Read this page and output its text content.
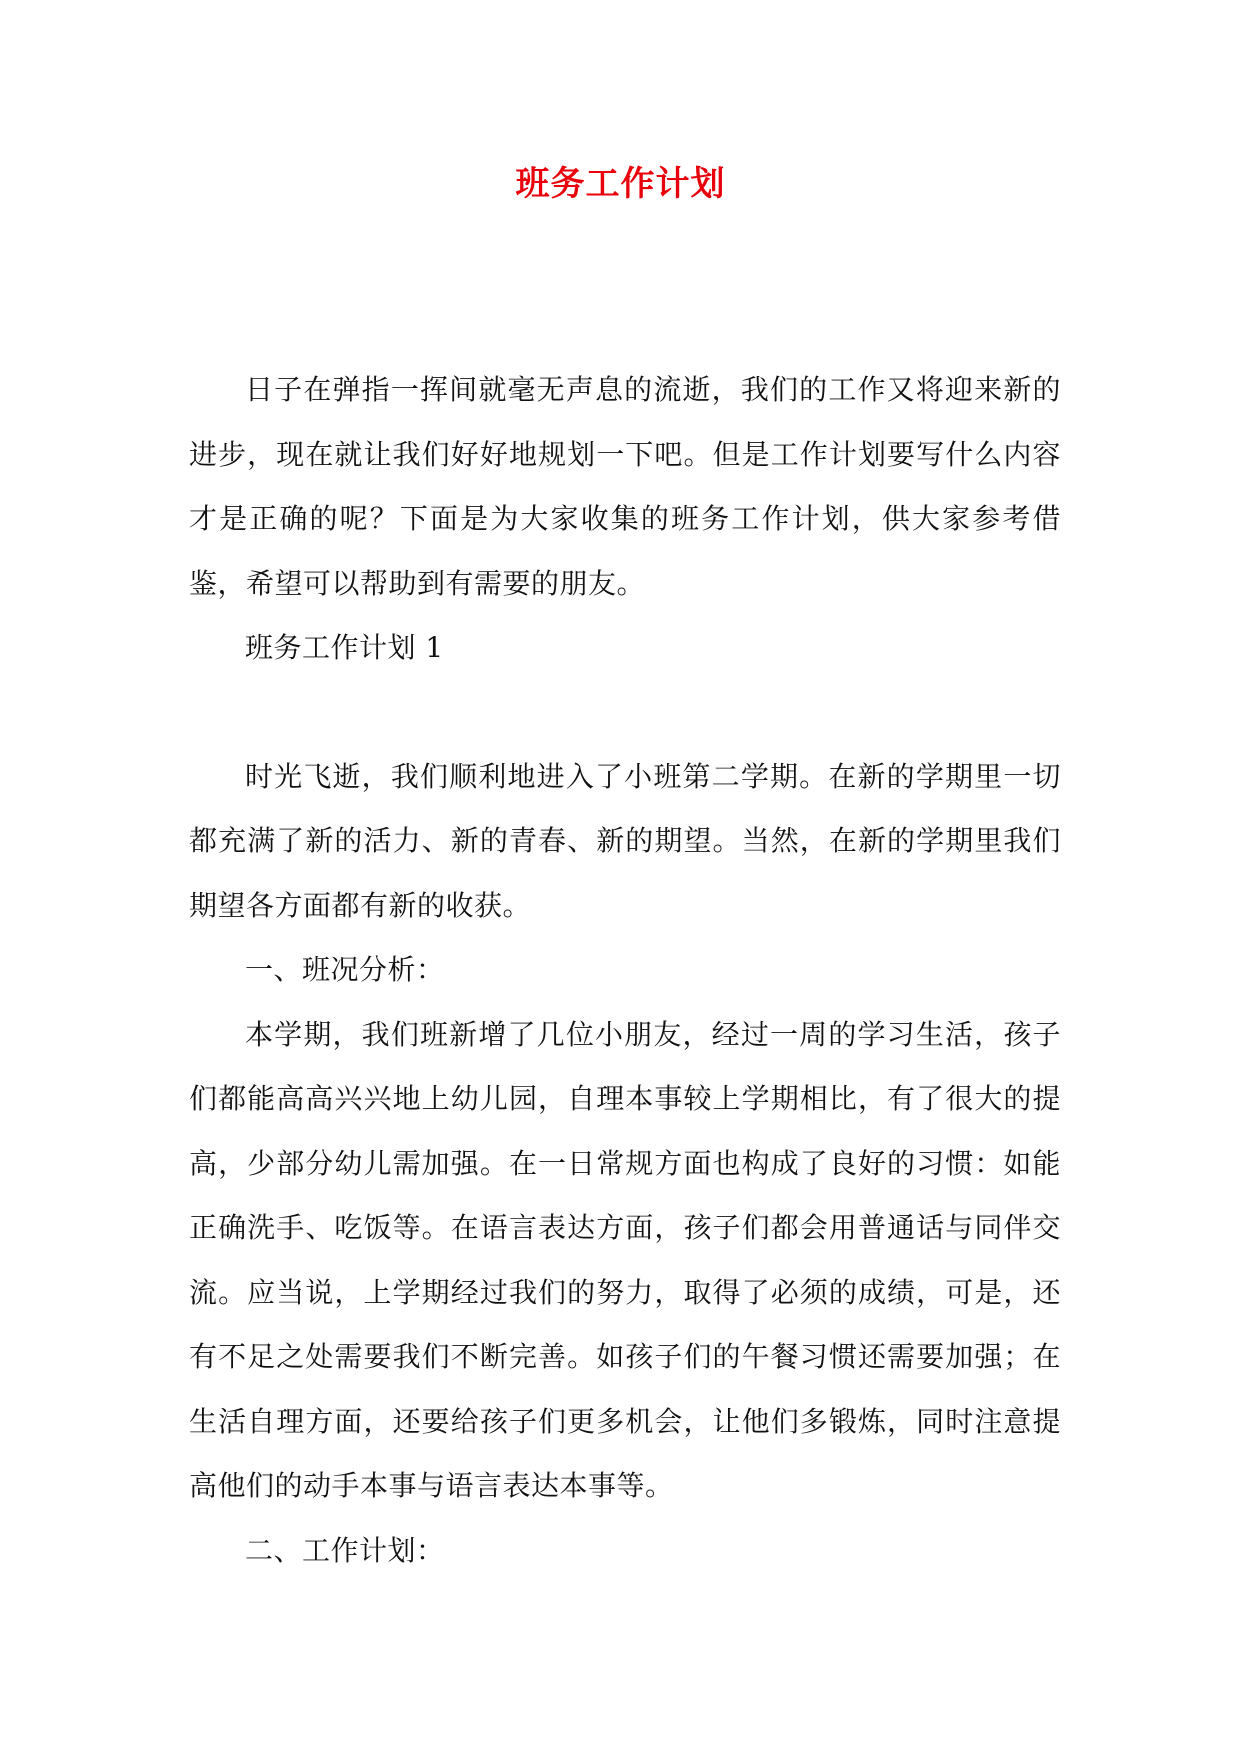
班务工作计划

日子在弹指一挥间就毫无声息的流逝，我们的工作又将迎来新的进步，现在就让我们好好地规划一下吧。但是工作计划要写什么内容才是正确的呢？下面是为大家收集的班务工作计划，供大家参考借鉴，希望可以帮助到有需要的朋友。

班务工作计划 1

时光飞逝，我们顺利地进入了小班第二学期。在新的学期里一切都充满了新的活力、新的青春、新的期望。当然，在新的学期里我们期望各方面都有新的收获。

一、班况分析：

本学期，我们班新增了几位小朋友，经过一周的学习生活，孩子们都能高高兴兴地上幼儿园，自理本事较上学期相比，有了很大的提高，少部分幼儿需加强。在一日常规方面也构成了良好的习惯：如能正确洗手、吃饭等。在语言表达方面，孩子们都会用普通话与同伴交流。应当说，上学期经过我们的努力，取得了必须的成绩，可是，还有不足之处需要我们不断完善。如孩子们的午餐习惯还需要加强；在生活自理方面，还要给孩子们更多机会，让他们多锻炼，同时注意提高他们的动手本事与语言表达本事等。

二、工作计划：
